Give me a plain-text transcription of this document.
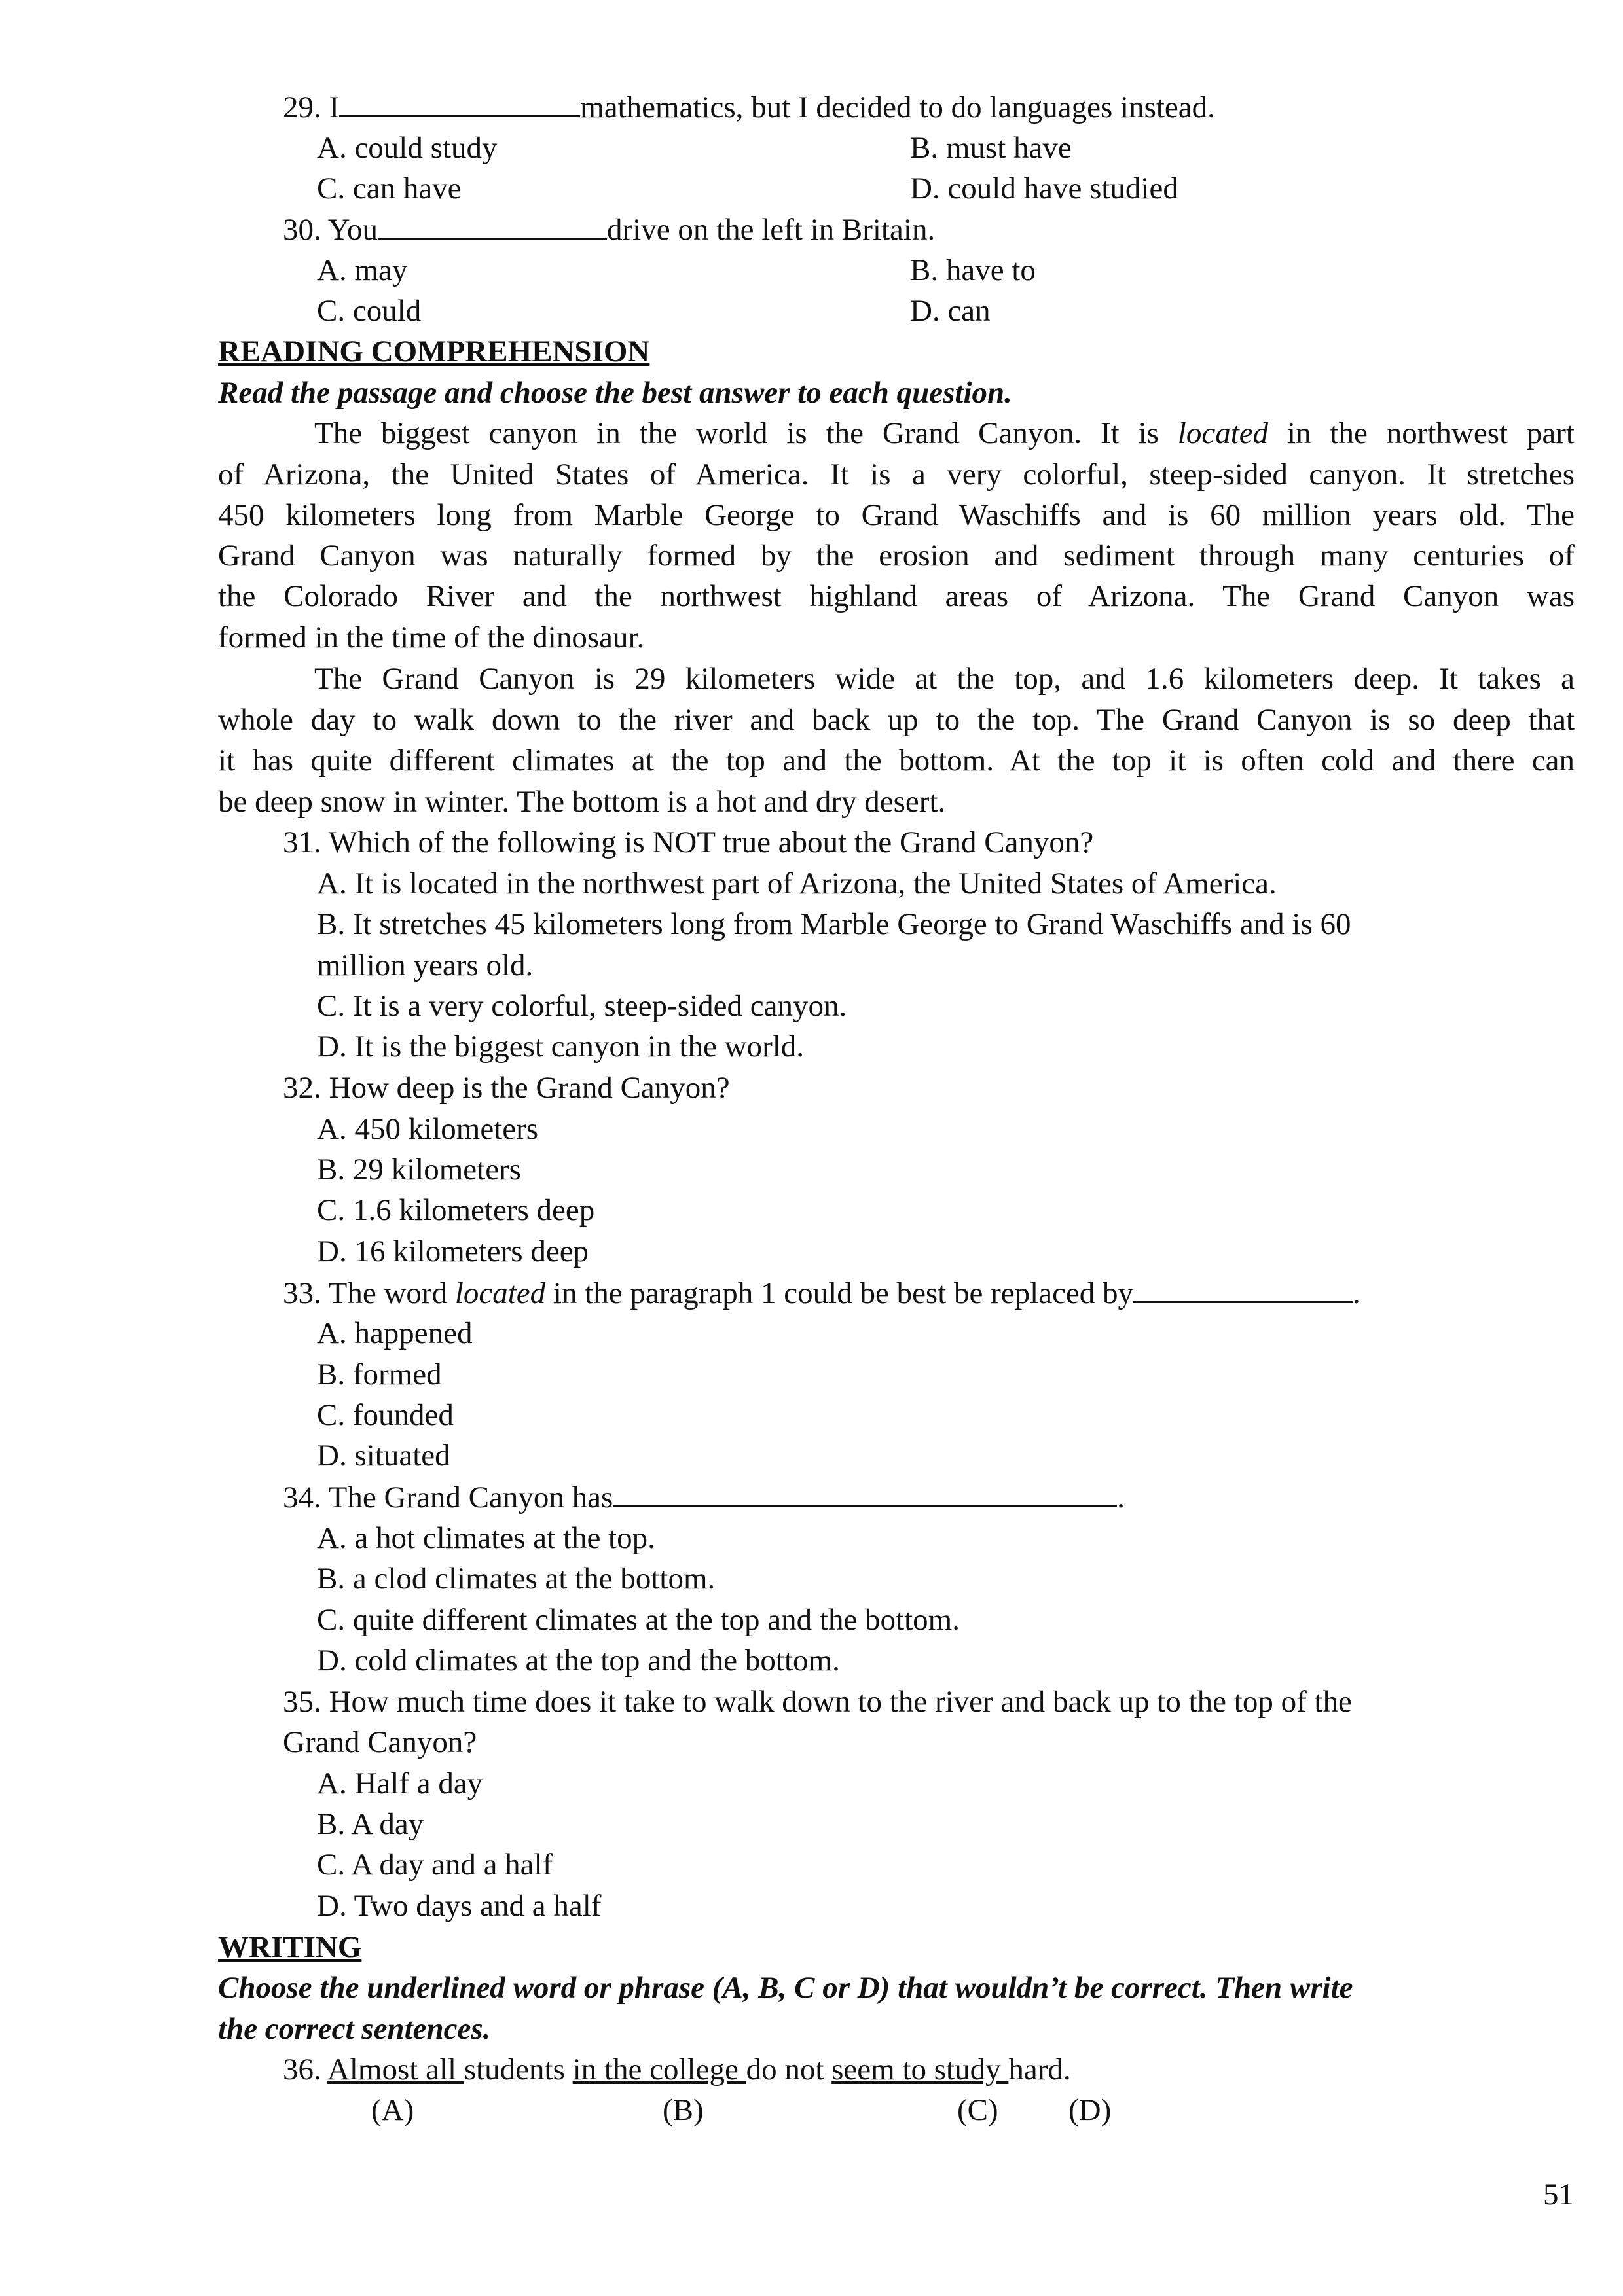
29. I	mathematics, but I decided to do languages instead.
A. could study	B. must have
C. can have	D. could have studied
30. You	drive on the left in Britain.
A. may	B. have to
C. could	D. can
READING COMPREHENSION
Read the passage and choose the best answer to each question.
The biggest canyon in the world is the Grand Canyon. It is located in the northwest part
of Arizona, the United States of America. It is a very colorful, steep-sided canyon. It stretches
450 kilometers long from Marble George to Grand Waschiffs and is 60 million years old. The
Grand Canyon was naturally formed by the erosion and sediment through many centuries of
the Colorado River and the northwest highland areas of Arizona. The Grand Canyon was
formed in the time of the dinosaur.
The Grand Canyon is 29 kilometers wide at the top, and 1.6 kilometers deep. It takes a
whole day to walk down to the river and back up to the top. The Grand Canyon is so deep that
it has quite different climates at the top and the bottom. At the top it is often cold and there can
be deep snow in winter. The bottom is a hot and dry desert.
31. Which of the following is NOT true about the Grand Canyon?
A. It is located in the northwest part of Arizona, the United States of America.
B. It stretches 45 kilometers long from Marble George to Grand Waschiffs and is 60
million years old.
C. It is a very colorful, steep-sided canyon.
D. It is the biggest canyon in the world.
32. How deep is the Grand Canyon?
A. 450 kilometers
B. 29 kilometers
C. 1.6 kilometers deep
D. 16 kilometers deep
33. The word located in the paragraph 1 could be best be replaced by	.
A. happened
B. formed
C. founded
D. situated
34. The Grand Canyon has	.
A. a hot climates at the top.
B. a clod climates at the bottom.
C. quite different climates at the top and the bottom.
D. cold climates at the top and the bottom.
35. How much time does it take to walk down to the river and back up to the top of the
Grand Canyon?
A. Half a day
B. A day
C. A day and a half
D. Two days and a half
WRITING
Choose the underlined word or phrase (A, B, C or D) that wouldn’t be correct. Then write
the correct sentences.
36. Almost all students in the college do not seem to study hard.
(A)	(B)	(C) (D)
51
